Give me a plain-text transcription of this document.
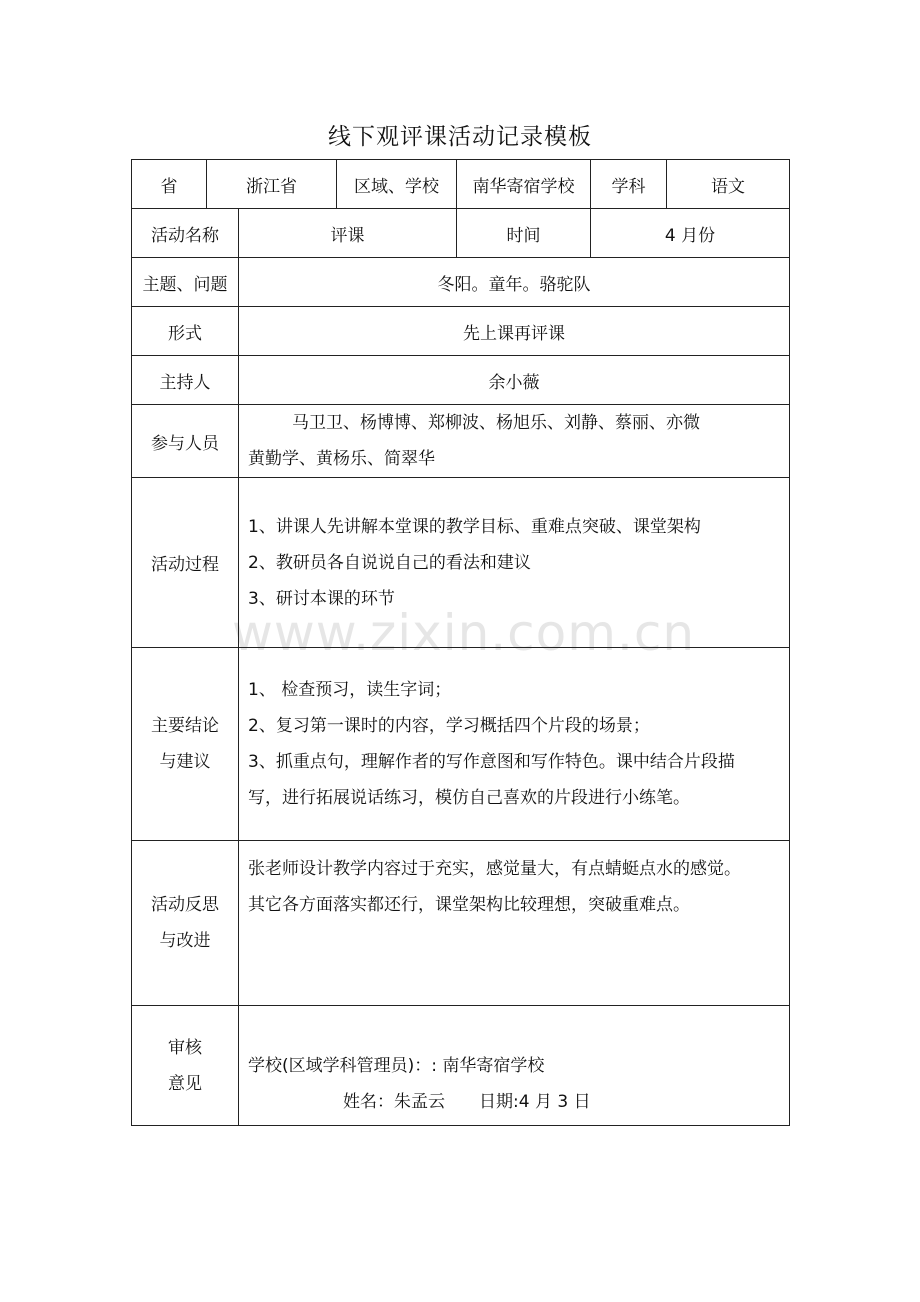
线下观评课活动记录模板
www.zixin.com.cn
省	浙江省		区域、学校	南华寄宿学校	学科	语文
活动名称		评课		时间	4 月份	
主题、问题		冬阳。童年。骆驼队				
形式		先上课再评课				
主持人		余小薇				
参与人员		马卫卫、杨博博、郑柳波、杨旭乐、刘静、蔡丽、亦微
黄勤学、黄杨乐、简翠华				

活动过程		1、讲课人先讲解本堂课的教学目标、重难点突破、课堂架构
2、教研员各自说说自己的看法和建议
3、研讨本课的环节				

主要结论
与建议		1、 检查预习，读生字词；
2、复习第一课时的内容，学习概括四个片段的场景；
3、抓重点句，理解作者的写作意图和写作特色。课中结合片段描
写，进行拓展说话练习，模仿自己喜欢的片段进行小练笔。				

活动反思
与改进		张老师设计教学内容过于充实，感觉量大，有点蜻蜓点水的感觉。
其它各方面落实都还行，课堂架构比较理想，突破重难点。				

审核
意见		学校(区域学科管理员)：: 南华寄宿学校
姓名：朱孟云 日期:4 月 3 日				
